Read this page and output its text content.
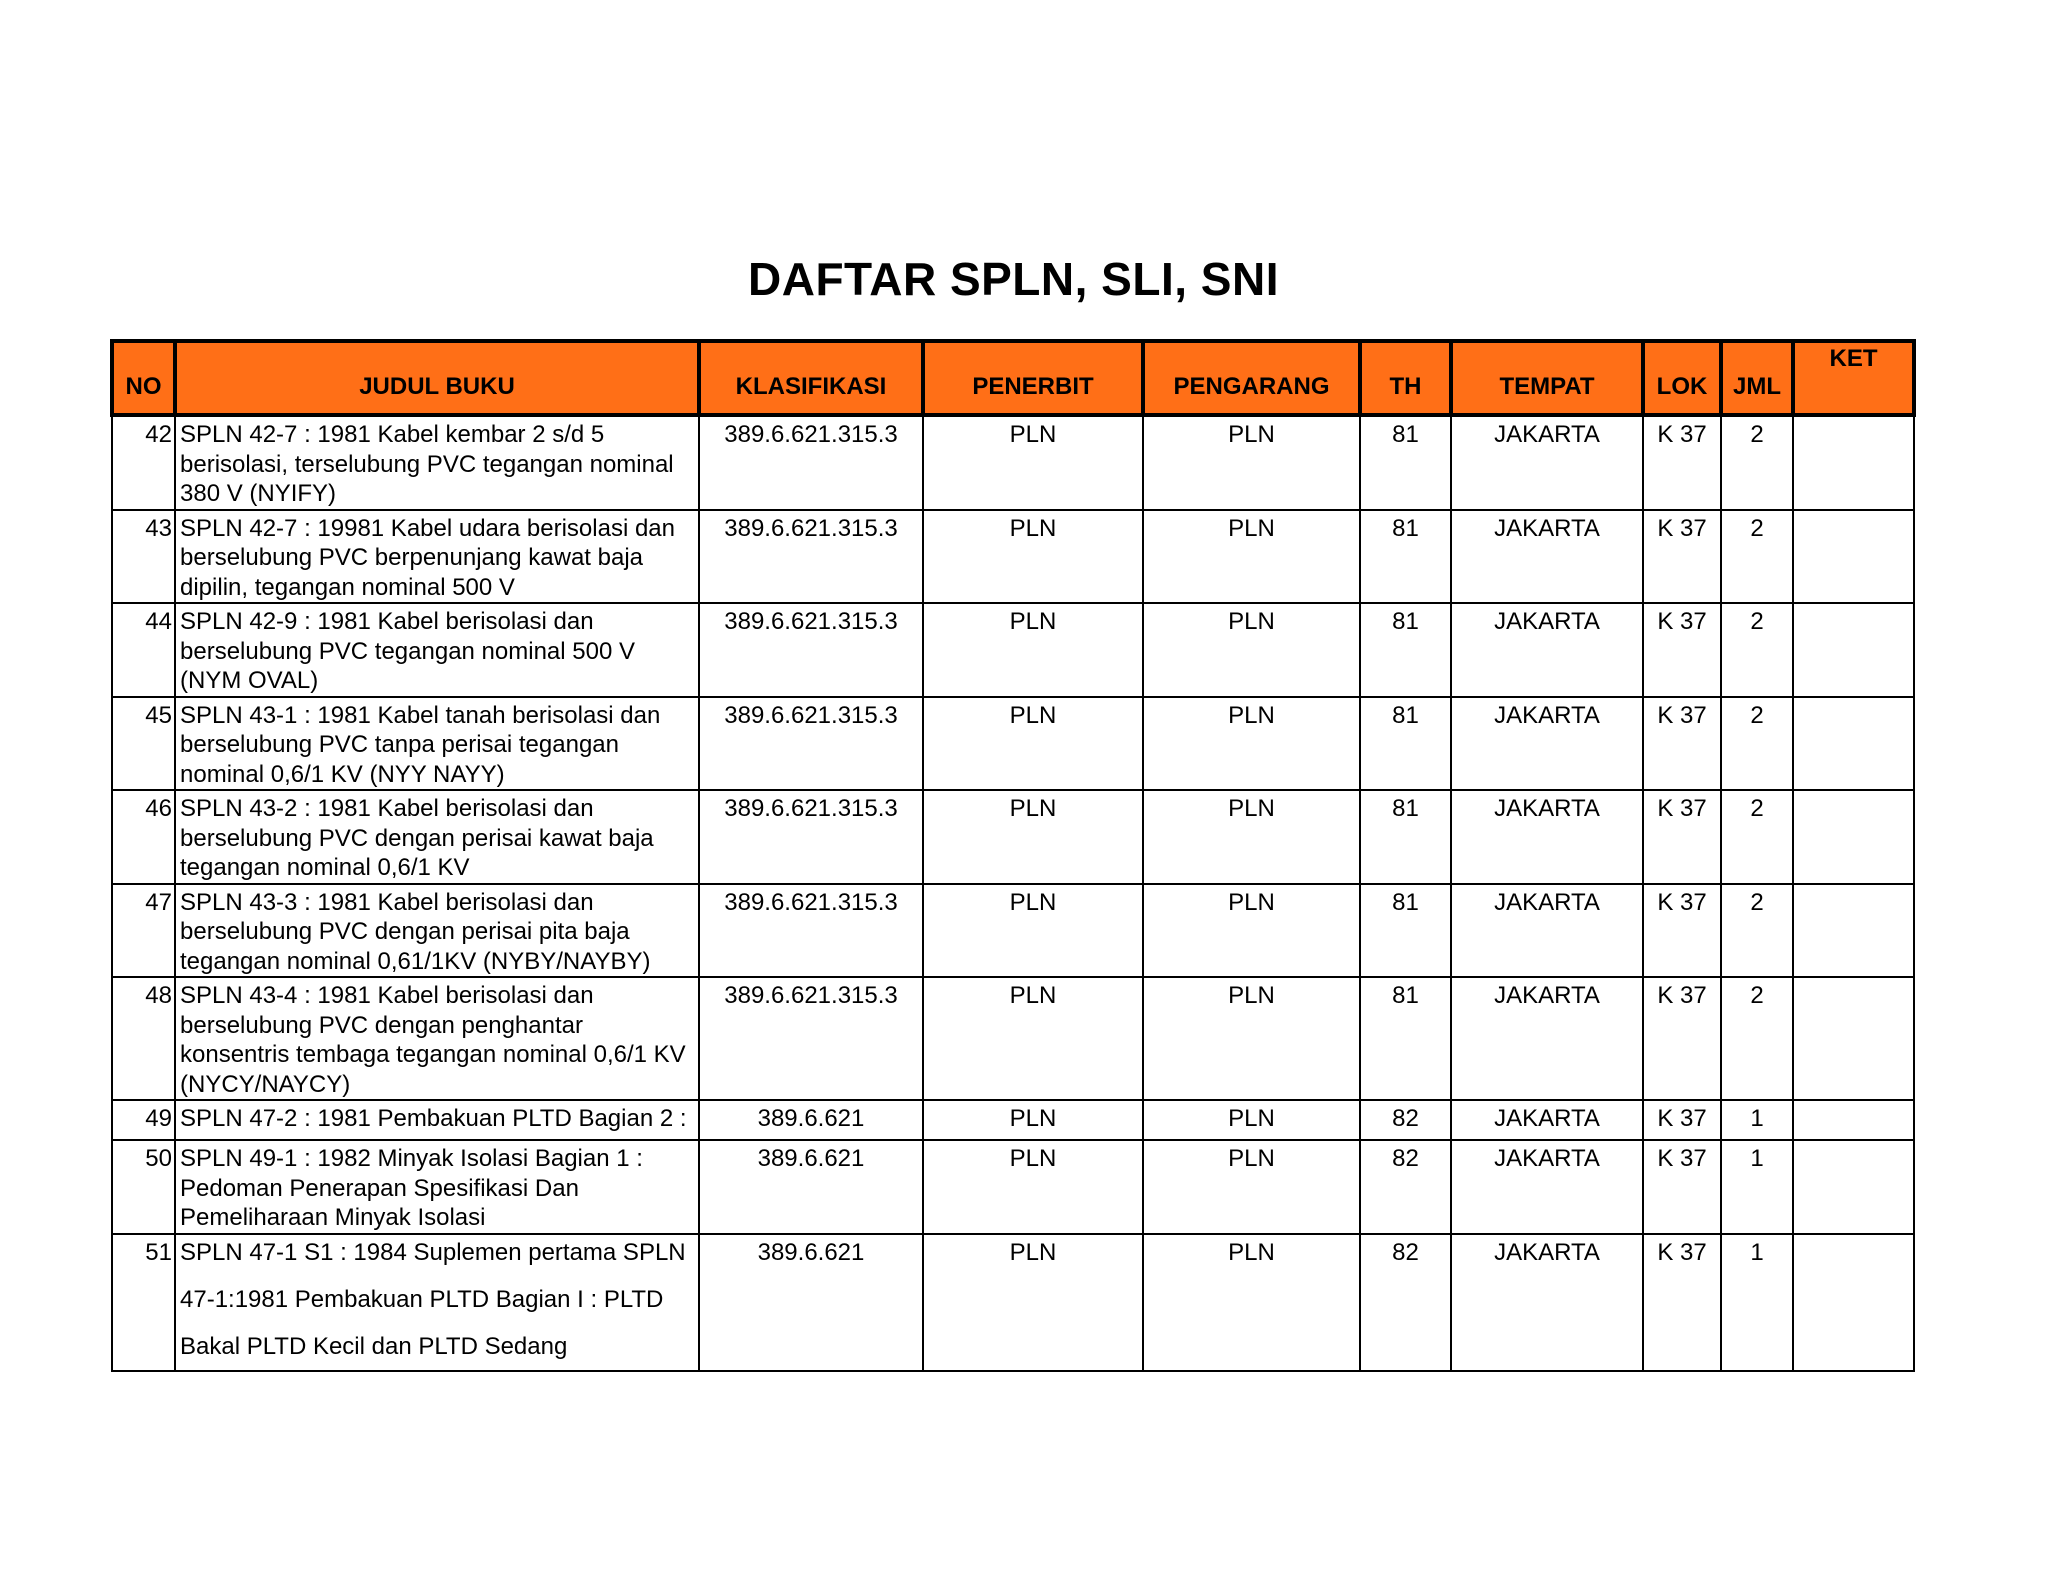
DAFTAR SPLN, SLI, SNI
NO	JUDUL BUKU	KLASIFIKASI	PENERBIT	PENGARANG	TH	TEMPAT	LOK	JML	KET
42	SPLN 42-7 : 1981 Kabel kembar 2 s/d 5
berisolasi, terselubung PVC tegangan nominal
380 V (NYIFY)	389.6.621.315.3	PLN	PLN	81	JAKARTA	K 37	2	
43	SPLN 42-7 : 19981 Kabel udara berisolasi dan
berselubung PVC berpenunjang kawat baja
dipilin, tegangan nominal 500 V	389.6.621.315.3	PLN	PLN	81	JAKARTA	K 37	2	
44	SPLN 42-9 : 1981 Kabel berisolasi dan
berselubung PVC tegangan nominal 500 V
(NYM OVAL)	389.6.621.315.3	PLN	PLN	81	JAKARTA	K 37	2	
45	SPLN 43-1 : 1981 Kabel tanah berisolasi dan
berselubung PVC tanpa perisai tegangan
nominal 0,6/1 KV (NYY NAYY)	389.6.621.315.3	PLN	PLN	81	JAKARTA	K 37	2	
46	SPLN 43-2 : 1981 Kabel berisolasi dan
berselubung PVC dengan perisai kawat baja
tegangan nominal 0,6/1 KV	389.6.621.315.3	PLN	PLN	81	JAKARTA	K 37	2	
47	SPLN 43-3 : 1981 Kabel berisolasi dan
berselubung PVC dengan perisai pita baja
tegangan nominal 0,61/1KV (NYBY/NAYBY)	389.6.621.315.3	PLN	PLN	81	JAKARTA	K 37	2	
48	SPLN 43-4 : 1981 Kabel berisolasi dan
berselubung PVC dengan penghantar
konsentris tembaga tegangan nominal 0,6/1 KV
(NYCY/NAYCY)	389.6.621.315.3	PLN	PLN	81	JAKARTA	K 37	2	
49	SPLN 47-2 : 1981 Pembakuan PLTD Bagian 2 :	389.6.621	PLN	PLN	82	JAKARTA	K 37	1	
50	SPLN 49-1 : 1982 Minyak Isolasi Bagian 1 :
Pedoman Penerapan Spesifikasi Dan
Pemeliharaan Minyak Isolasi	389.6.621	PLN	PLN	82	JAKARTA	K 37	1	
51	SPLN 47-1 S1 : 1984 Suplemen pertama SPLN
47-1:1981 Pembakuan PLTD Bagian I : PLTD
Bakal PLTD Kecil dan PLTD Sedang	389.6.621	PLN	PLN	82	JAKARTA	K 37	1	
